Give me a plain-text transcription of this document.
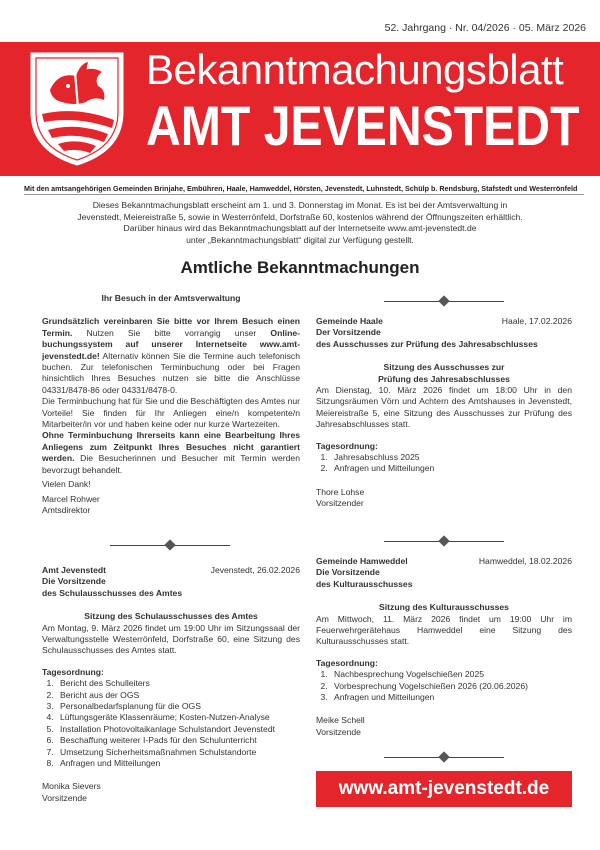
52. Jahrgang · Nr. 04/2026 · 05. März 2026
Bekanntmachungsblatt
AMT JEVENSTEDT
Mit den amtsangehörigen Gemeinden Brinjahe, Embühren, Haale, Hamweddel, Hörsten, Jevenstedt, Luhnstedt, Schülp b. Rendsburg, Stafstedt und Westerrönfeld
Dieses Bekanntmachungsblatt erscheint am 1. und 3. Donnerstag im Monat. Es ist bei der Amtsverwaltung in
Jevenstedt, Meiereistraße 5, sowie in Westerrönfeld, Dorfstraße 60, kostenlos während der Öffnungszeiten erhältlich.
Darüber hinaus wird das Bekanntmachungsblatt auf der Internetseite www.amt-jevenstedt.de
unter „Bekanntmachungsblatt“ digital zur Verfügung gestellt.
Amtliche Bekanntmachungen
Ihr Besuch in der Amtsverwaltung

Grundsätzlich vereinbaren Sie bitte vor Ihrem Besuch einen Termin. Nutzen Sie bitte vorrangig unser Online-buchungssystem auf unserer Internetseite www.amt-jevenstedt.de! Alternativ können Sie die Termine auch telefonisch buchen. Zur telefonischen Terminbuchung oder bei Fragen hinsichtlich Ihres Besuches nutzen sie bitte die Anschlüsse 04331/8478-86 oder 04331/8478-0.

Die Terminbuchung hat für Sie und die Beschäftigten des Amtes nur Vorteile! Sie finden für Ihr Anliegen eine/n kompetente/n Mitarbeiter/in vor und haben keine oder nur kurze Wartezeiten.

Ohne Terminbuchung Ihrerseits kann eine Bearbeitung Ihres Anliegens zum Zeitpunkt Ihres Besuches nicht garantiert werden. Die Besucherinnen und Besucher mit Termin werden bevorzugt behandelt.

Vielen Dank!

Marcel Rohwer

Amtsdirektor

Amt Jevenstedt	Jevenstedt, 26.02.2026
Die Vorsitzende
des Schulausschusses des Amtes
Sitzung des Schulausschusses des Amtes

Am Montag, 9. März 2026 findet um 19:00 Uhr im Sitzungssaal der Verwaltungsstelle Westerrönfeld, Dorfstraße 60, eine Sitzung des Schulausschusses des Amtes statt.

Tagesordnung:
1. Bericht des Schulleiters
2. Bericht aus der OGS
3. Personalbedarfsplanung für die OGS
4. Lüftungsgeräte Klassenräume; Kosten-Nutzen-Analyse
5. Installation Photovoltaikanlage Schulstandort Jevenstedt
6. Beschaffung weiterer I-Pads für den Schulunterricht
7. Umsetzung Sicherheitsmaßnahmen Schulstandorte
8. Anfragen und Mitteilungen

Monika Sievers

Vorsitzende

Gemeinde Haale	Haale, 17.02.2026
Der Vorsitzende
des Ausschusses zur Prüfung des Jahresabschlusses
Sitzung des Ausschusses zur
Prüfung des Jahresabschlusses

Am Dienstag, 10. März 2026 findet um 18:00 Uhr in den Sitzungsräumen Vörn und Achtern des Amtshauses in Jevenstedt, Meiereistraße 5, eine Sitzung des Ausschusses zur Prüfung des Jahresabschlusses statt.

Tagesordnung:
1. Jahresabschluss 2025
2. Anfragen und Mitteilungen

Thore Lohse

Vorsitzender

Gemeinde Hamweddel	Hamweddel, 18.02.2026
Die Vorsitzende
des Kulturausschusses
Sitzung des Kulturausschusses

Am Mittwoch, 11. März 2026 findet um 19:00 Uhr im Feuerwehrgerätehaus Hamweddel eine Sitzung des Kulturausschusses statt.

Tagesordnung:
1. Nachbesprechung Vogelschießen 2025
2. Vorbesprechung Vogelschießen 2026 (20.06.2026)
3. Anfragen und Mitteilungen

Meike Schell

Vorsitzende

www.amt-jevenstedt.de
